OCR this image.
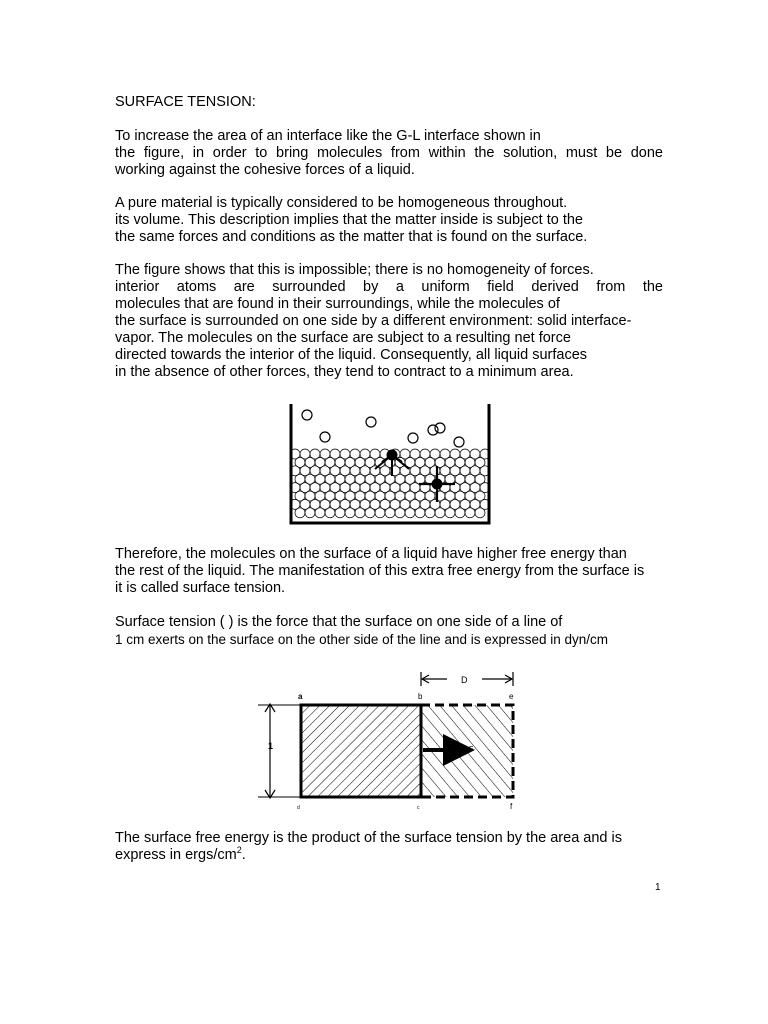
SURFACE TENSION:
To increase the area of an interface like the G-L interface shown in
the figure, in order to bring molecules from within the solution, must be done
working against the cohesive forces of a liquid.
A pure material is typically considered to be homogeneous throughout.
its volume. This description implies that the matter inside is subject to the
the same forces and conditions as the matter that is found on the surface.
The figure shows that this is impossible; there is no homogeneity of forces.
interior atoms are surrounded by a uniform field derived from the
molecules that are found in their surroundings, while the molecules of
the surface is surrounded on one side by a different environment: solid interface-
vapor. The molecules on the surface are subject to a resulting net force
directed towards the interior of the liquid. Consequently, all liquid surfaces
in the absence of other forces, they tend to contract to a minimum area.
Therefore, the molecules on the surface of a liquid have higher free energy than
the rest of the liquid. The manifestation of this extra free energy from the surface is
it is called surface tension.
Surface tension ( ) is the force that the surface on one side of a line of
1 cm exerts on the surface on the other side of the line and is expressed in dyn/cm
a	b	e
d	c	f
D
F
1
The surface free energy is the product of the surface tension by the area and is
express in ergs/$cm^2$.
1
